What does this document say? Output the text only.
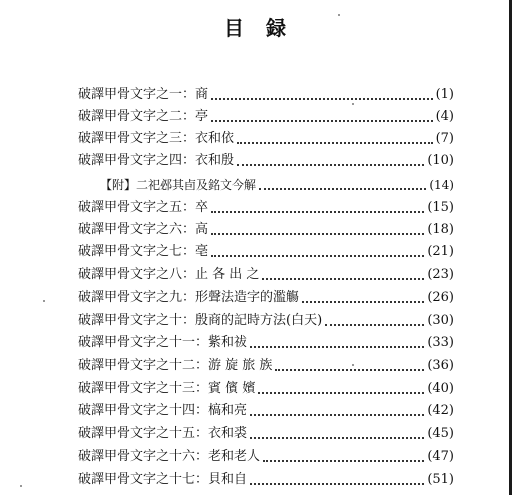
目 録
破譯甲骨文字之一：商	(1)
破譯甲骨文字之二：亭	(4)
破譯甲骨文字之三：衣和依	(7)
破譯甲骨文字之四：衣和殷	(10)
【附】二祀邲其卣及銘文今解	(14)
破譯甲骨文字之五：卒	(15)
破譯甲骨文字之六：高	(18)
破譯甲骨文字之七：亳	(21)
破譯甲骨文字之八：止 各 出 之	(23)
破譯甲骨文字之九：形聲法造字的濫觴	(26)
破譯甲骨文字之十：殷商的記時方法(白天)	(30)
破譯甲骨文字之十一：紫和祓	(33)
破譯甲骨文字之十二：游 旋 旅 族	(36)
破譯甲骨文字之十三：賓 儐 嬪	(40)
破譯甲骨文字之十四：槁和亮	(42)
破譯甲骨文字之十五：衣和裘	(45)
破譯甲骨文字之十六：老和老人	(47)
破譯甲骨文字之十七：貝和自	(51)
